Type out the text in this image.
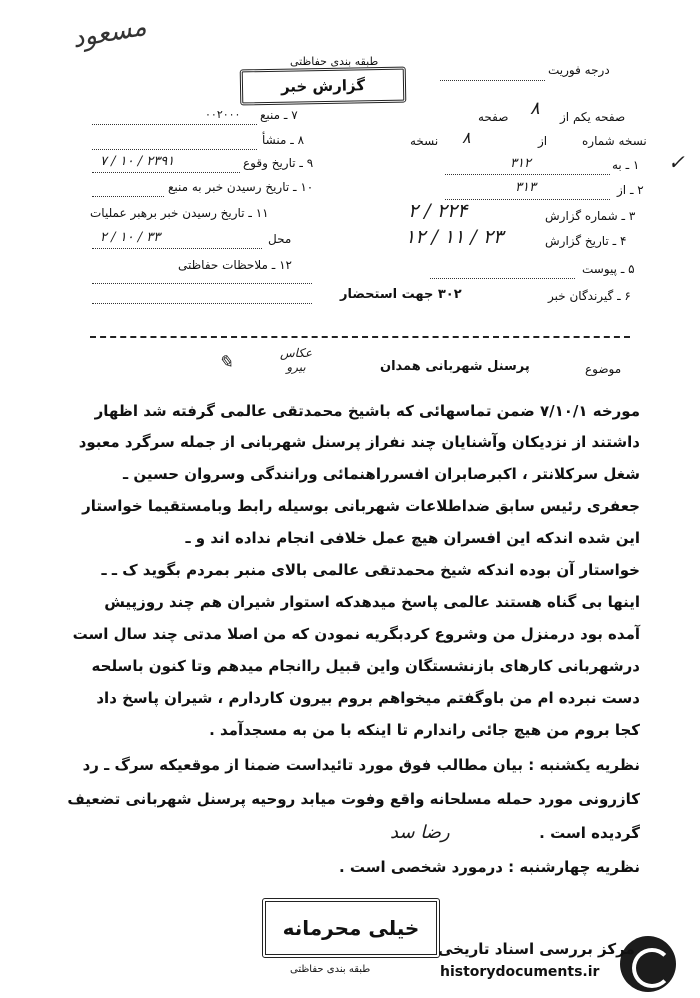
مسعود
طبقه بندی حفاظتی
گزارش خبر
درجه فوریت
۷ ـ منبع
۰۰۲۰۰۰
۸ ـ منشأ
۹ ـ تاریخ وقوع
۲۳۹۱ / ۱۰ / ۷
۱۰ ـ تاریخ رسیدن خبر به منبع
۱۱ ـ تاریخ رسیدن خبر برهبر عملیات
محل
۳۳ / ۱۰ / ۲
۱۲ ـ ملاحظات حفاظتی
صفحه یکم از
صفحه ۸
نسخه شماره
از
نسخه ۸
۱ ـ به
۳۱۲	✓
۲ ـ از
۳۱۳
۳ ـ شماره گزارش
۲۲۴ / ۲
۴ ـ تاریخ گزارش
۲۳ / ۱۱ / ۱۲
۵ ـ پیوست
۶ ـ گیرندگان خبر
۳۰۲ جهت استحضار
موضوع
پرسنل شهربانی همدان
عکاس
بیرو
✎
مورخه ۷/۱۰/۱ ضمن تماسهائی که باشیخ محمدتقی عالمی گرفته شد اظهار
داشتند از نزدیکان وآشنایان چند نفراز پرسنل شهربانی از جمله سرگرد معبود
شغل سرکلانتر ، اکبرصابران افسرراهنمائی ورانندگی وسروان حسین ـ
جعفری رئیس سابق ضداطلاعات شهربانی بوسیله رابط وبامستقیما خواستار
این شده اندکه این افسران هیچ عمل خلافی انجام نداده اند و ـ
خواستار آن بوده اندکه شیخ محمدتقی عالمی بالای منبر بمردم بگوید ک ـ ـ
اینها بی گناه هستند عالمی پاسخ میدهدکه استوار شیران هم چند روزپیش
آمده بود درمنزل من وشروع کردبگریه نمودن که من اصلا مدتی چند سال است
درشهربانی کارهای بازنشستگان واین قبیل راانجام میدهم وتا کنون باسلحه
دست نبرده ام من باوگفتم میخواهم بروم بیرون کاردارم ، شیران پاسخ داد
کجا بروم من هیچ جائی راندارم تا اینکه با من به مسجدآمد .
نظریه یکشنبه : بیان مطالب فوق مورد تائیداست ضمنا از موقعیکه سرگ ـ رد
کازرونی مورد حمله مسلحانه واقع وفوت میابد روحیه پرسنل شهربانی تضعیف
گردیده است .
رضا سد
نظریه چهارشنبه : درمورد شخصی است .
خیلی محرمانه
طبقه بندی حفاظتی
مرکز بررسی اسناد تاریخی
historydocuments.ir
